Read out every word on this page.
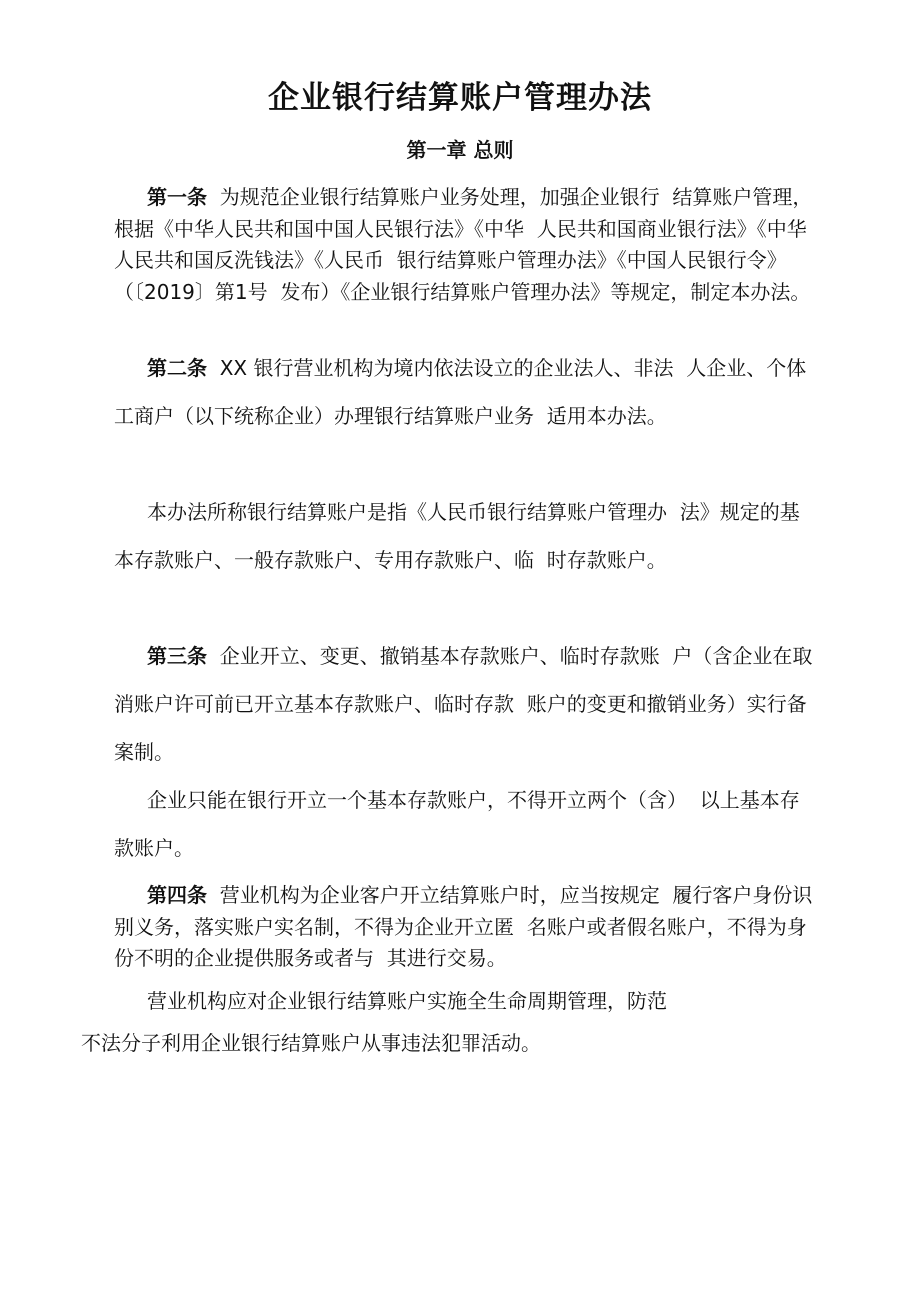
企业银行结算账户管理办法
第一章 总则

第一条  为规范企业银行结算账户业务处理，加强企业银行  结算账户管理，根据《中华人民共和国中国人民银行法》《中华  人民共和国商业银行法》《中华人民共和国反洗钱法》《人民币  银行结算账户管理办法》《中国人民银行令》（〔2019〕第1号  发布）《企业银行结算账户管理办法》等规定，制定本办法。

第二条  XX 银行营业机构为境内依法设立的企业法人、非法  人企业、个体工商户（以下统称企业）办理银行结算账户业务  适用本办法。

本办法所称银行结算账户是指《人民币银行结算账户管理办  法》规定的基本存款账户、一般存款账户、专用存款账户、临  时存款账户。

第三条  企业开立、变更、撤销基本存款账户、临时存款账  户（含企业在取消账户许可前已开立基本存款账户、临时存款  账户的变更和撤销业务）实行备案制。

企业只能在银行开立一个基本存款账户，不得开立两个（含）  以上基本存款账户。

第四条  营业机构为企业客户开立结算账户时，应当按规定  履行客户身份识别义务，落实账户实名制，不得为企业开立匿  名账户或者假名账户，不得为身份不明的企业提供服务或者与  其进行交易。

营业机构应对企业银行结算账户实施全生命周期管理，防范
不法分子利用企业银行结算账户从事违法犯罪活动。
